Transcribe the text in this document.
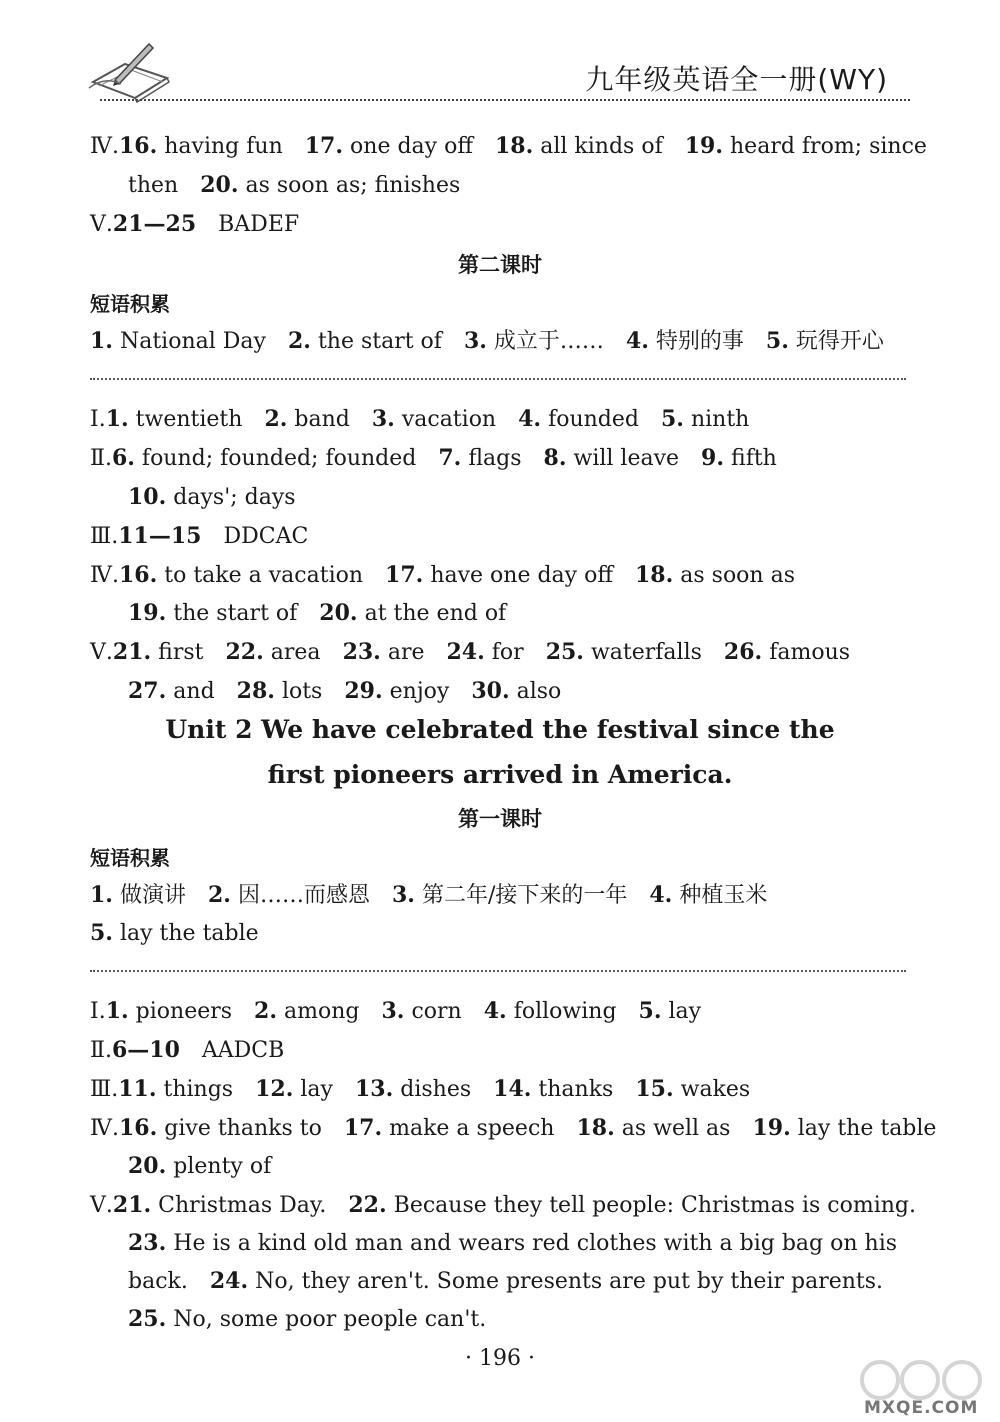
九年级英语全一册(WY)
Ⅳ.16. having fun 17. one day off 18. all kinds of 19. heard from; since
then 20. as soon as; finishes
Ⅴ.21—25 BADEF
第二课时
短语积累
1. National Day 2. the start of 3. 成立于…… 4. 特别的事 5. 玩得开心
Ⅰ.1. twentieth 2. band 3. vacation 4. founded 5. ninth
Ⅱ.6. found; founded; founded 7. flags 8. will leave 9. fifth
10. days'; days
Ⅲ.11—15 DDCAC
Ⅳ.16. to take a vacation 17. have one day off 18. as soon as
19. the start of 20. at the end of
Ⅴ.21. first 22. area 23. are 24. for 25. waterfalls 26. famous
27. and 28. lots 29. enjoy 30. also
Unit 2 We have celebrated the festival since the
first pioneers arrived in America.
第一课时
短语积累
1. 做演讲 2. 因……而感恩 3. 第二年/接下来的一年 4. 种植玉米
5. lay the table
Ⅰ.1. pioneers 2. among 3. corn 4. following 5. lay
Ⅱ.6—10 AADCB
Ⅲ.11. things 12. lay 13. dishes 14. thanks 15. wakes
Ⅳ.16. give thanks to 17. make a speech 18. as well as 19. lay the table
20. plenty of
Ⅴ.21. Christmas Day. 22. Because they tell people: Christmas is coming.
23. He is a kind old man and wears red clothes with a big bag on his
back. 24. No, they aren't. Some presents are put by their parents.
25. No, some poor people can't.
· 196 ·
MXQE.COM
